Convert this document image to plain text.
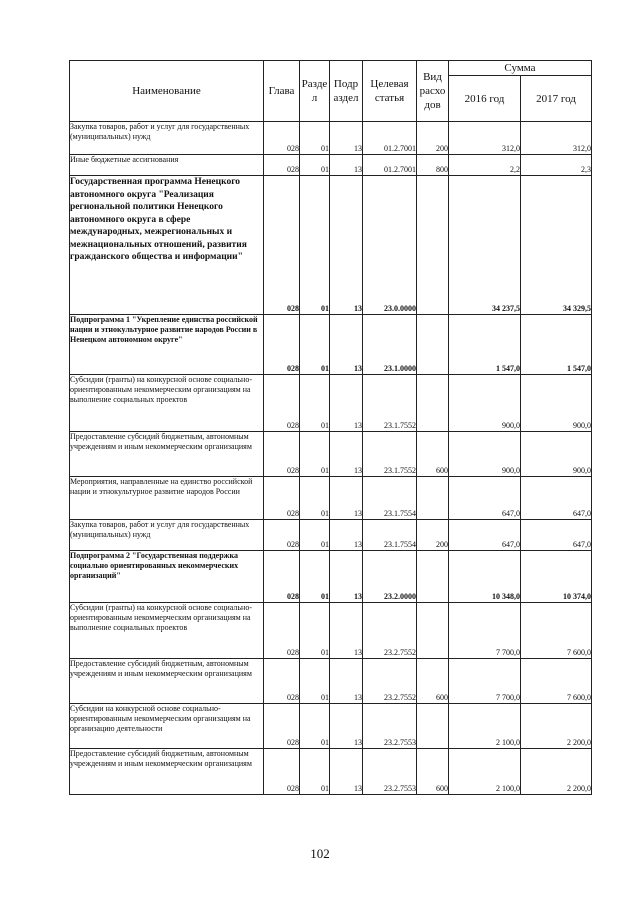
Наименование	Глава	Разде л	Подр аздел	Целевая статья	Вид расхо дов	Сумма	
						2016 год	2017 год
Закупка товаров, работ и услуг для государственных (муниципальных) нужд	028	01	13	01.2.7001	200	312,0	312,0
Иные бюджетные ассигнования	028	01	13	01.2.7001	800	2,2	2,3
Государственная программа Ненецкого автономного округа "Реализация региональной политики Ненецкого автономного округа в сфере международных, межрегиональных и межнациональных отношений, развития гражданского общества и информации"	028	01	13	23.0.0000		34 237,5	34 329,5
Подпрограмма 1 "Укрепление единства российской нации и этнокультурное развитие народов России в Ненецком автономном округе"	028	01	13	23.1.0000		1 547,0	1 547,0
Субсидии (гранты) на конкурсной основе социально-ориентированным некоммерческим организациям на выполнение социальных проектов	028	01	13	23.1.7552		900,0	900,0
Предоставление субсидий бюджетным, автономным учреждениям и иным некоммерческим организациям	028	01	13	23.1.7552	600	900,0	900,0
Мероприятия, направленные на единство российской нации и этнокультурное развитие народов России	028	01	13	23.1.7554		647,0	647,0
Закупка товаров, работ и услуг для государственных (муниципальных) нужд	028	01	13	23.1.7554	200	647,0	647,0
Подпрограмма 2 "Государственная поддержка социально ориентированных некоммерческих организаций"	028	01	13	23.2.0000		10 348,0	10 374,0
Субсидии (гранты) на конкурсной основе социально-ориентированным некоммерческим организациям на выполнение социальных проектов	028	01	13	23.2.7552		7 700,0	7 600,0
Предоставление субсидий бюджетным, автономным учреждениям и иным некоммерческим организациям	028	01	13	23.2.7552	600	7 700,0	7 600,0
Субсидии на конкурсной основе социально-ориентированным некоммерческим организациям на организацию деятельности	028	01	13	23.2.7553		2 100,0	2 200,0
Предоставление субсидий бюджетным, автономным учреждениям и иным некоммерческим организациям	028	01	13	23.2.7553	600	2 100,0	2 200,0
102
